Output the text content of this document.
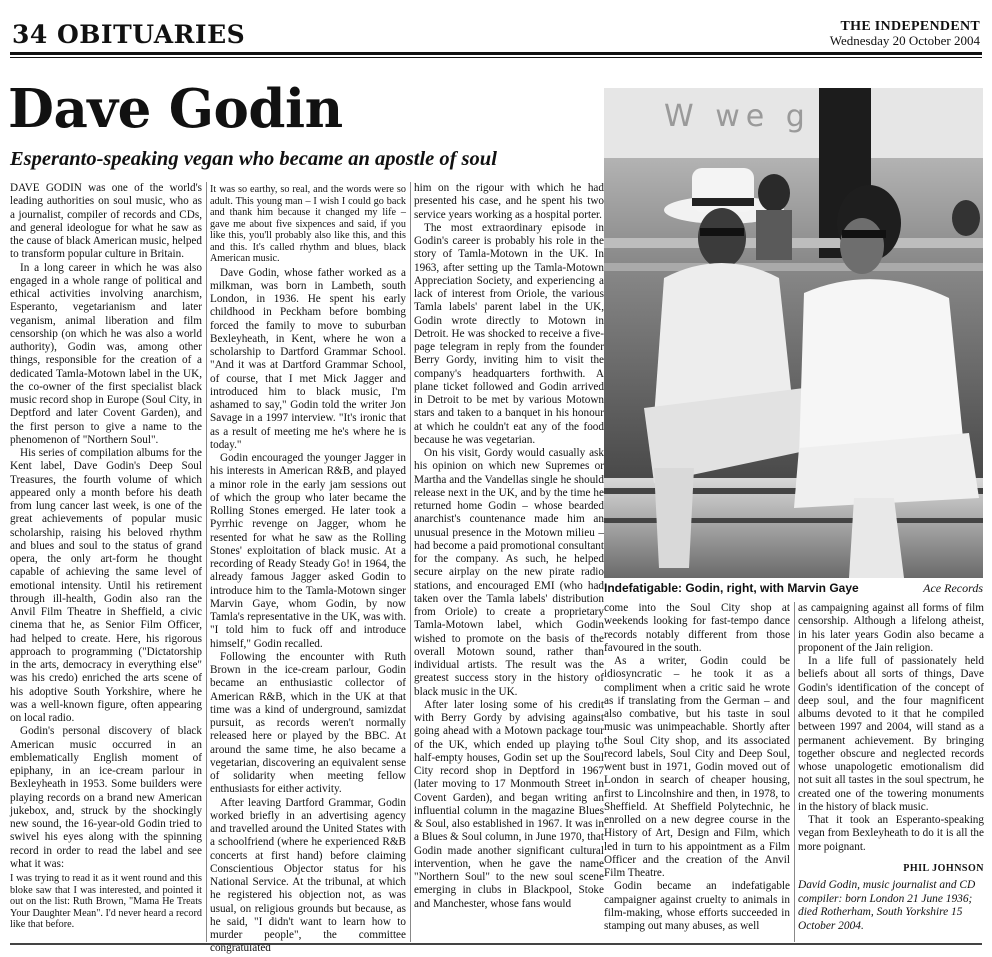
34 OBITUARIES	THE INDEPENDENT
Wednesday 20 October 2004
Dave Godin
Esperanto-speaking vegan who became an apostle of soul

DAVE GODIN was one of the world's leading authorities on soul music, who as a journalist, compiler of records and CDs, and general ideologue for what he saw as the cause of black American music, helped to transform popular culture in Britain.

In a long career in which he was also engaged in a whole range of political and ethical activities involving anarchism, Esperanto, vegetarianism and later veganism, animal liberation and film censorship (on which he was also a world authority), Godin was, among other things, responsible for the creation of a dedicated Tamla-Motown label in the UK, the co-owner of the first specialist black music record shop in Europe (Soul City, in Deptford and later Covent Garden), and the first person to give a name to the phenomenon of "Northern Soul".

His series of compilation albums for the Kent label, Dave Godin's Deep Soul Treasures, the fourth volume of which appeared only a month before his death from lung cancer last week, is one of the great achievements of popular music scholarship, raising his beloved rhythm and blues and soul to the status of grand opera, the only art-form he thought capable of achieving the same level of emotional intensity. Until his retirement through ill-health, Godin also ran the Anvil Film Theatre in Sheffield, a civic cinema that he, as Senior Film Officer, had helped to create. Here, his rigorous approach to programming ("Dictatorship in the arts, democracy in everything else" was his credo) enriched the arts scene of his adoptive South Yorkshire, where he was a well-known figure, often appearing on local radio.

Godin's personal discovery of black American music occurred in an emblematically English moment of epiphany, in an ice-cream parlour in Bexleyheath in 1953. Some builders were playing records on a brand new American jukebox, and, struck by the shockingly new sound, the 16-year-old Godin tried to swivel his eyes along with the spinning record in order to read the label and see what it was:

I was trying to read it as it went round and this bloke saw that I was interested, and pointed it out on the list: Ruth Brown, "Mama He Treats Your Daughter Mean". I'd never heard a record like that before.

It was so earthy, so real, and the words were so adult. This young man – I wish I could go back and thank him because it changed my life – gave me about five sixpences and said, if you like this, you'll probably also like this, and this and this. It's called rhythm and blues, black American music.

Dave Godin, whose father worked as a milkman, was born in Lambeth, south London, in 1936. He spent his early childhood in Peckham before bombing forced the family to move to suburban Bexleyheath, in Kent, where he won a scholarship to Dartford Grammar School. "And it was at Dartford Grammar School, of course, that I met Mick Jagger and introduced him to black music, I'm ashamed to say," Godin told the writer Jon Savage in a 1997 interview. "It's ironic that as a result of meeting me he's where he is today."

Godin encouraged the younger Jagger in his interests in American R&B, and played a minor role in the early jam sessions out of which the group who later became the Rolling Stones emerged. He later took a Pyrrhic revenge on Jagger, whom he resented for what he saw as the Rolling Stones' exploitation of black music. At a recording of Ready Steady Go! in 1964, the already famous Jagger asked Godin to introduce him to the Tamla-Motown singer Marvin Gaye, whom Godin, by now Tamla's representative in the UK, was with. "I told him to fuck off and introduce himself," Godin recalled.

Following the encounter with Ruth Brown in the ice-cream parlour, Godin became an enthusiastic collector of American R&B, which in the UK at that time was a kind of underground, samizdat pursuit, as records weren't normally released here or played by the BBC. At around the same time, he also became a vegetarian, discovering an equivalent sense of solidarity when meeting fellow enthusiasts for either activity.

After leaving Dartford Grammar, Godin worked briefly in an advertising agency and travelled around the United States with a schoolfriend (where he experienced R&B concerts at first hand) before claiming Conscientious Objector status for his National Service. At the tribunal, at which he registered his objection not, as was usual, on religious grounds but because, as he said, "I didn't want to learn how to murder people", the committee congratulated

him on the rigour with which he had presented his case, and he spent his two service years working as a hospital porter.

The most extraordinary episode in Godin's career is probably his role in the story of Tamla-Motown in the UK. In 1963, after setting up the Tamla-Motown Appreciation Society, and experiencing a lack of interest from Oriole, the various Tamla labels' parent label in the UK, Godin wrote directly to Motown in Detroit. He was shocked to receive a five-page telegram in reply from the founder Berry Gordy, inviting him to visit the company's headquarters forthwith. A plane ticket followed and Godin arrived in Detroit to be met by various Motown stars and taken to a banquet in his honour at which he couldn't eat any of the food because he was vegetarian.

On his visit, Gordy would casually ask his opinion on which new Supremes or Martha and the Vandellas single he should release next in the UK, and by the time he returned home Godin – whose bearded anarchist's countenance made him an unusual presence in the Motown milieu – had become a paid promotional consultant for the company. As such, he helped secure airplay on the new pirate radio stations, and encouraged EMI (who had taken over the Tamla labels' distribution from Oriole) to create a proprietary Tamla-Motown label, which Godin wished to promote on the basis of the overall Motown sound, rather than individual artists. The result was the greatest success story in the history of black music in the UK.

After later losing some of his credit with Berry Gordy by advising against going ahead with a Motown package tour of the UK, which ended up playing to half-empty houses, Godin set up the Soul City record shop in Deptford in 1967 (later moving to 17 Monmouth Street in Covent Garden), and began writing an influential column in the magazine Blues & Soul, also established in 1967. It was in a Blues & Soul column, in June 1970, that Godin made another significant cultural intervention, when he gave the name "Northern Soul" to the new soul scene emerging in clubs in Blackpool, Stoke and Manchester, whose fans would

W we g
Indefatigable: Godin, right, with Marvin Gaye	Ace Records

come into the Soul City shop at weekends looking for fast-tempo dance records notably different from those favoured in the south.

As a writer, Godin could be idiosyncratic – he took it as a compliment when a critic said he wrote as if translating from the German – and also combative, but his taste in soul music was unimpeachable. Shortly after the Soul City shop, and its associated record labels, Soul City and Deep Soul, went bust in 1971, Godin moved out of London in search of cheaper housing, first to Lincolnshire and then, in 1978, to Sheffield. At Sheffield Polytechnic, he enrolled on a new degree course in the History of Art, Design and Film, which led in turn to his appointment as a Film Officer and the creation of the Anvil Film Theatre.

Godin became an indefatigable campaigner against cruelty to animals in film-making, whose efforts succeeded in stamping out many abuses, as well

as campaigning against all forms of film censorship. Although a lifelong atheist, in his later years Godin also became a proponent of the Jain religion.

In a life full of passionately held beliefs about all sorts of things, Dave Godin's identification of the concept of deep soul, and the four magnificent albums devoted to it that he compiled between 1997 and 2004, will stand as a permanent achievement. By bringing together obscure and neglected records whose unapologetic emotionalism did not suit all tastes in the soul spectrum, he created one of the towering monuments in the history of black music.

That it took an Esperanto-speaking vegan from Bexleyheath to do it is all the more poignant.

PHIL JOHNSON

David Godin, music journalist and CD compiler: born London 21 June 1936; died Rotherham, South Yorkshire 15 October 2004.
